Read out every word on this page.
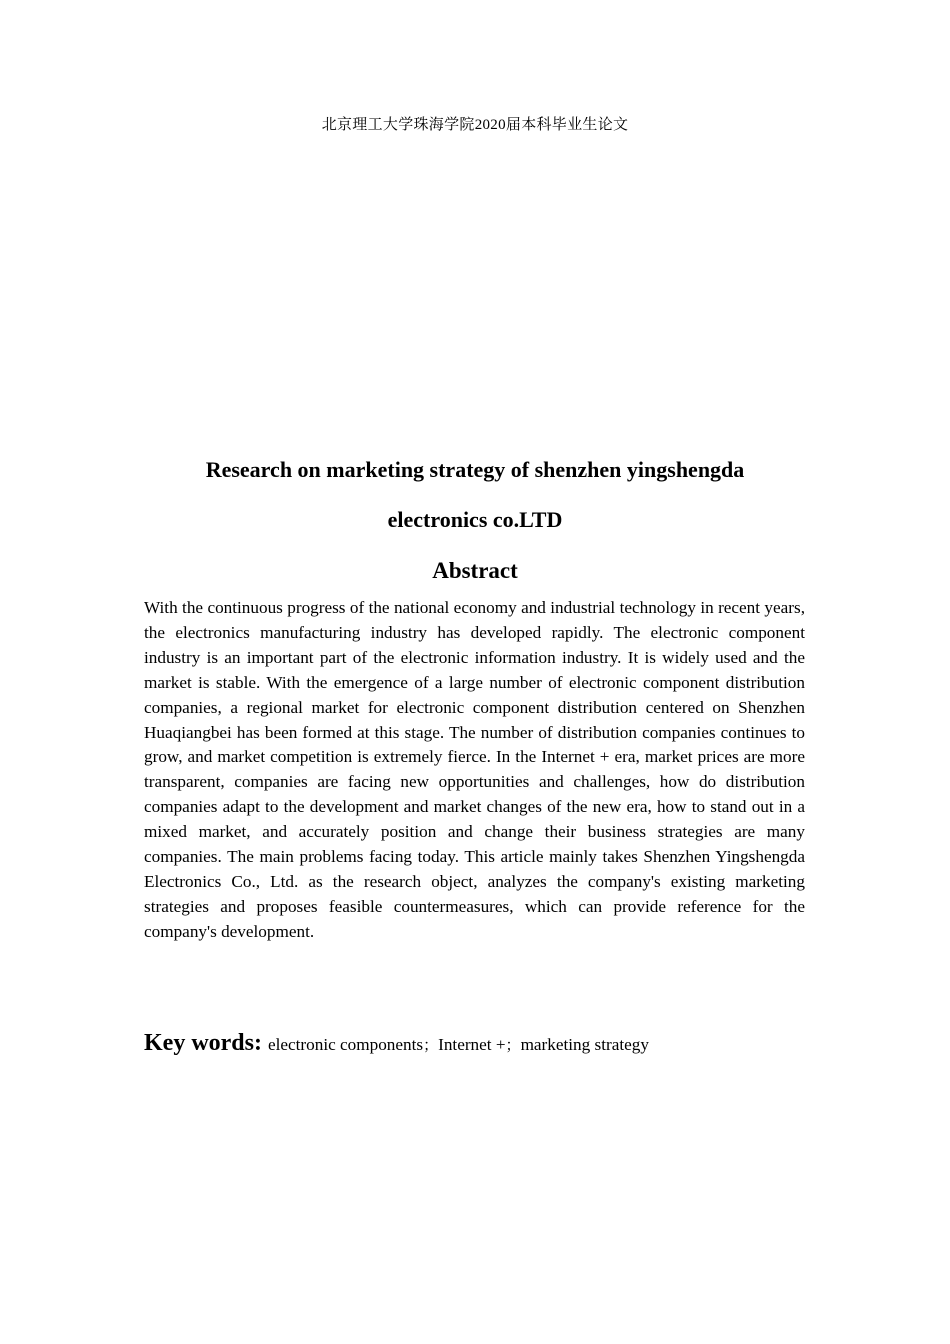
北京理工大学珠海学院2020届本科毕业生论文

Research on marketing strategy of shenzhen yingshengda

electronics co.LTD

Abstract

With the continuous progress of the national economy and industrial technology in recent years, the electronics manufacturing industry has developed rapidly. The electronic component industry is an important part of the electronic information industry. It is widely used and the market is stable. With the emergence of a large number of electronic component distribution companies, a regional market for electronic component distribution centered on Shenzhen Huaqiangbei has been formed at this stage. The number of distribution companies continues to grow, and market competition is extremely fierce. In the Internet + era, market prices are more transparent, companies are facing new opportunities and challenges, how do distribution companies adapt to the development and market changes of the new era, how to stand out in a mixed market, and accurately position and change their business strategies are many companies. The main problems facing today. This article mainly takes Shenzhen Yingshengda Electronics Co., Ltd. as the research object, analyzes the company's existing marketing strategies and proposes feasible countermeasures, which can provide reference for the company's development.

Key words: electronic components；Internet +；marketing strategy
